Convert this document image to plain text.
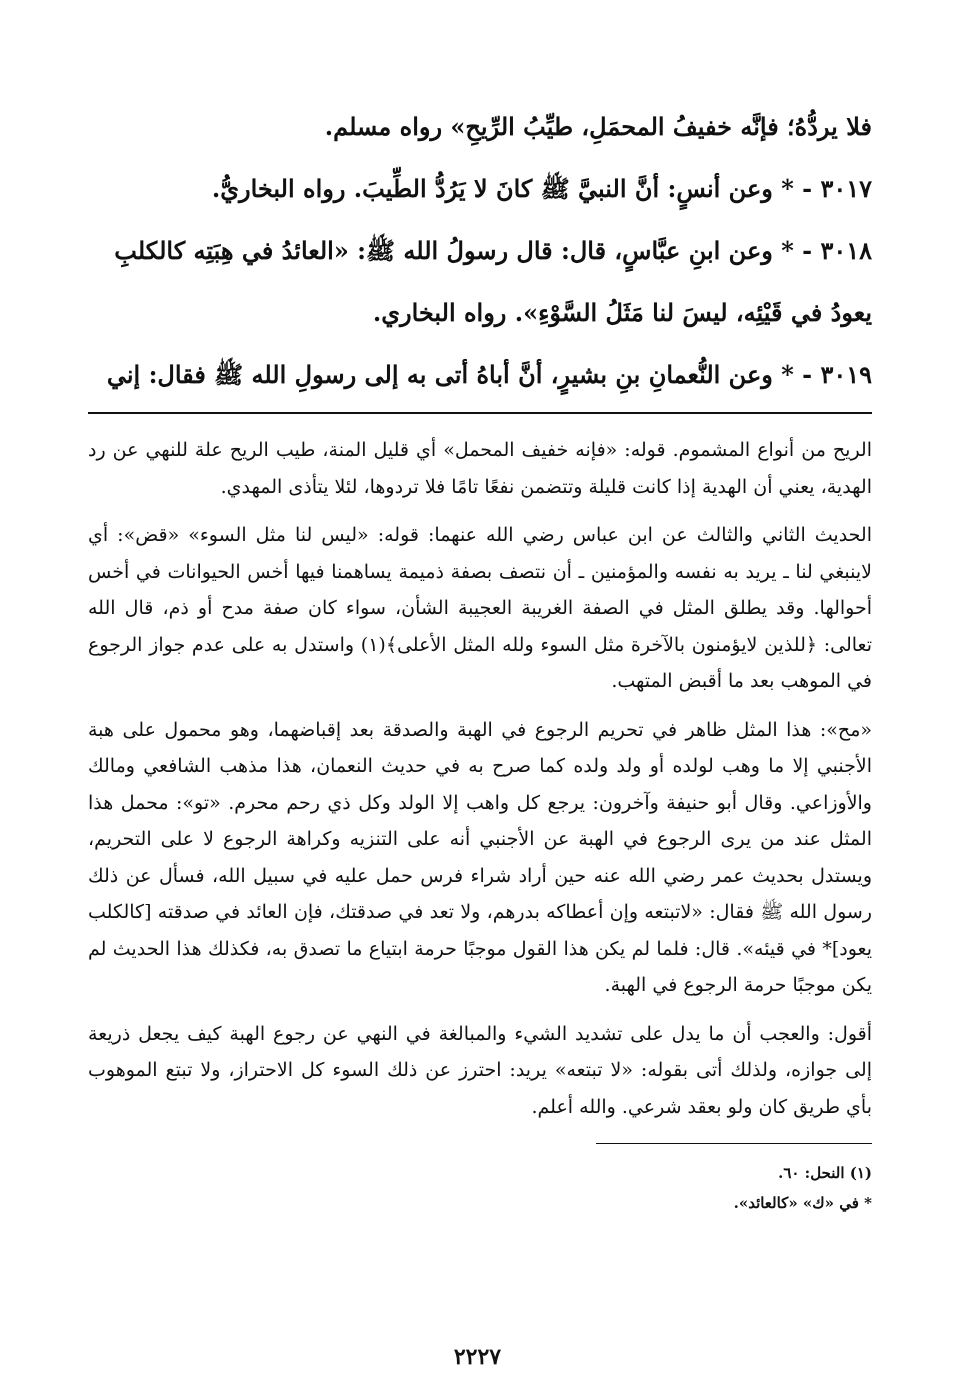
فلا يردُّهُ؛ فإنَّه خفيفُ المحمَلِ، طيِّبُ الرِّيحِ» رواه مسلم.

٣٠١٧ - * وعن أنسٍ: أنَّ النبيَّ ﷺ كانَ لا يَرُدُّ الطِّيبَ. رواه البخاريُّ.

٣٠١٨ - * وعن ابنِ عبَّاسٍ، قال: قال رسولُ الله ﷺ: «العائدُ في هِبَتِه كالكلبِ

يعودُ في قَيْئِه، ليسَ لنا مَثَلُ السَّوْءِ». رواه البخاري.

٣٠١٩ - * وعن النُّعمانِ بنِ بشيرٍ، أنَّ أباهُ أتى به إلى رسولِ الله ﷺ فقال: إني

الريح من أنواع المشموم. قوله: «فإنه خفيف المحمل» أي قليل المنة، طيب الريح علة للنهي عن رد الهدية، يعني أن الهدية إذا كانت قليلة وتتضمن نفعًا تامًا فلا تردوها، لئلا يتأذى المهدي.

الحديث الثاني والثالث عن ابن عباس رضي الله عنهما: قوله: «ليس لنا مثل السوء» «قض»: أي لاينبغي لنا ـ يريد به نفسه والمؤمنين ـ أن نتصف بصفة ذميمة يساهمنا فيها أخس الحيوانات في أخس أحوالها. وقد يطلق المثل في الصفة الغريبة العجيبة الشأن، سواء كان صفة مدح أو ذم، قال الله تعالى: ﴿للذين لايؤمنون بالآخرة مثل السوء ولله المثل الأعلى﴾(١) واستدل به على عدم جواز الرجوع في الموهب بعد ما أقبض المتهب.

«مح»: هذا المثل ظاهر في تحريم الرجوع في الهبة والصدقة بعد إقباضهما، وهو محمول على هبة الأجنبي إلا ما وهب لولده أو ولد ولده كما صرح به في حديث النعمان، هذا مذهب الشافعي ومالك والأوزاعي. وقال أبو حنيفة وآخرون: يرجع كل واهب إلا الولد وكل ذي رحم محرم. «تو»: محمل هذا المثل عند من يرى الرجوع في الهبة عن الأجنبي أنه على التنزيه وكراهة الرجوع لا على التحريم، ويستدل بحديث عمر رضي الله عنه حين أراد شراء فرس حمل عليه في سبيل الله، فسأل عن ذلك رسول الله ﷺ فقال: «لاتبتعه وإن أعطاكه بدرهم، ولا تعد في صدقتك، فإن العائد في صدقته [كالكلب يعود]* في قيئه». قال: فلما لم يكن هذا القول موجبًا حرمة ابتياع ما تصدق به، فكذلك هذا الحديث لم يكن موجبًا حرمة الرجوع في الهبة.

أقول: والعجب أن ما يدل على تشديد الشيء والمبالغة في النهي عن رجوع الهبة كيف يجعل ذريعة إلى جوازه، ولذلك أتى بقوله: «لا تبتعه» يريد: احترز عن ذلك السوء كل الاحتراز، ولا تبتع الموهوب بأي طريق كان ولو بعقد شرعي. والله أعلم.

(١) النحل: ٦٠.

* في «ك» «كالعائد».

٢٢٢٧
